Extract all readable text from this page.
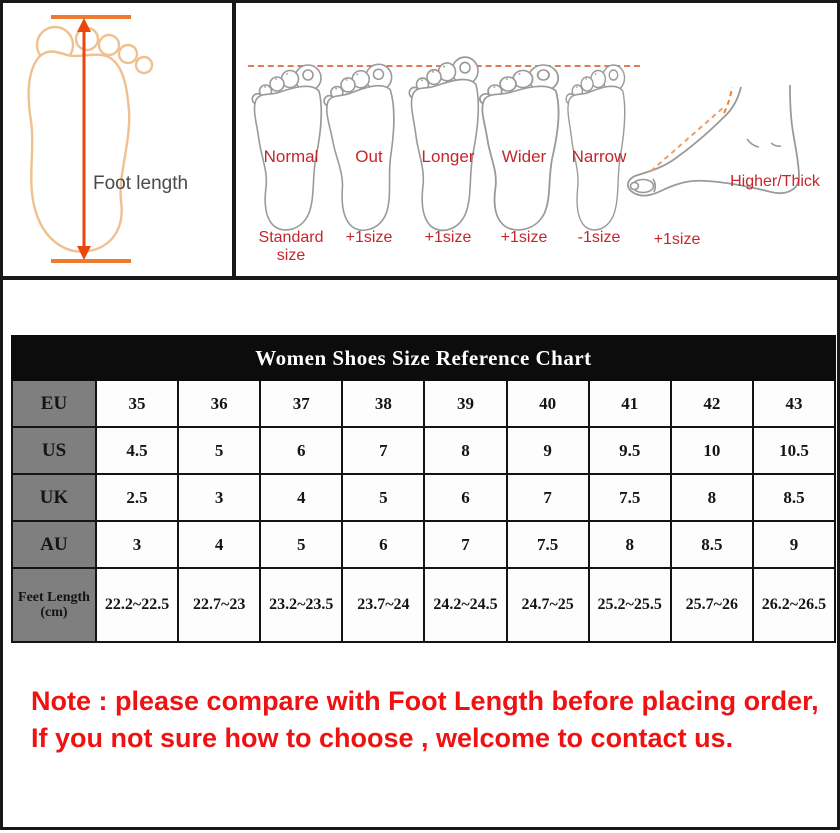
Foot length
Normal
Standard size
Out
+1size
Longer
+1size
Wider
+1size
Narrow
-1size
Higher/Thick
+1size
Women Shoes Size Reference Chart									
EU	35	36	37	38	39	40	41	42	43
US	4.5	5	6	7	8	9	9.5	10	10.5
UK	2.5	3	4	5	6	7	7.5	8	8.5
AU	3	4	5	6	7	7.5	8	8.5	9

Feet Length
(cm)	22.2~22.5	22.7~23	23.2~23.5	23.7~24	24.2~24.5	24.7~25	25.2~25.5	25.7~26	26.2~26.5
Note : please compare with Foot Length before placing order,
If you not sure how to choose , welcome to contact us.
